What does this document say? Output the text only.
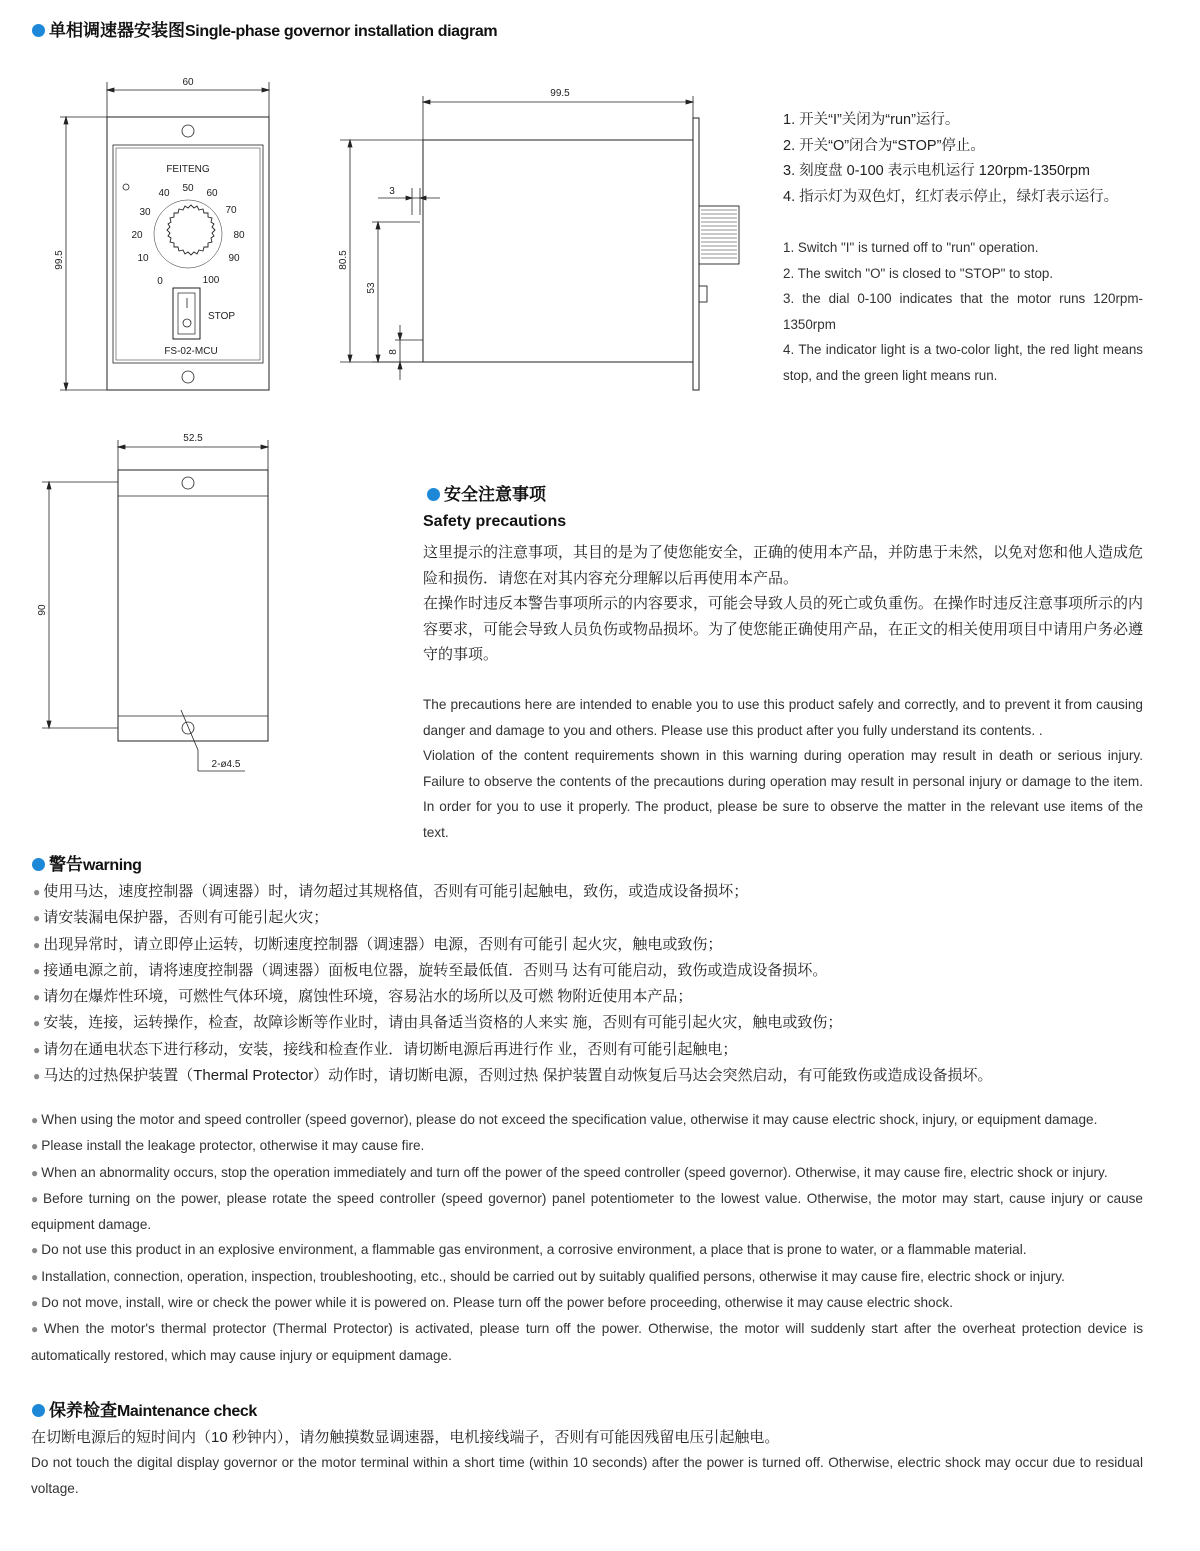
单相调速器安装图Single-phase governor installation diagram
FEITENG
0
10
20
30
40 50 60
70
80
90
100
STOP
FS-02-MCU
60
99.5
99.5
80.5
3
53
8
52.5
90
2-ø4.5
1. 开关“I”关闭为“run”运行。
2. 开关“O”闭合为“STOP”停止。
3. 刻度盘 0-100 表示电机运行 120rpm-1350rpm
4. 指示灯为双色灯，红灯表示停止，绿灯表示运行。

1. Switch "I" is turned off to "run" operation.

2. The switch "O" is closed to "STOP" to stop.

3. the dial 0-100 indicates that the motor runs 120rpm-1350rpm

4. The indicator light is a two-color light, the red light means stop, and the green light means run.

安全注意事项
Safety precautions

这里提示的注意事项，其目的是为了使您能安全，正确的使用本产品，并防患于未然，以免对您和他人造成危险和损伤．请您在对其内容充分理解以后再使用本产品。

在操作时违反本警告事项所示的内容要求，可能会导致人员的死亡或负重伤。在操作时违反注意事项所示的内容要求，可能会导致人员负伤或物品损坏。为了使您能正确使用产品，在正文的相关使用项目中请用户务必遵 守的事项。

The precautions here are intended to enable you to use this product safely and correctly, and to prevent it from causing danger and damage to you and others. Please use this product after you fully understand its contents. .

Violation of the content requirements shown in this warning during operation may result in death or serious injury. Failure to observe the contents of the precautions during operation may result in personal injury or damage to the item. In order for you to use it properly. The product, please be sure to observe the matter in the relevant use items of the text.

警告warning
● 使用马达，速度控制器（调速器）时，请勿超过其规格值，否则有可能引起触电，致伤，或造成设备损坏；
● 请安装漏电保护器，否则有可能引起火灾；
● 出现异常时，请立即停止运转，切断速度控制器（调速器）电源，否则有可能引 起火灾，触电或致伤；
● 接通电源之前，请将速度控制器（调速器）面板电位器，旋转至最低值．否则马 达有可能启动，致伤或造成设备损坏。
● 请勿在爆炸性环境，可燃性气体环境，腐蚀性环境，容易沾水的场所以及可燃 物附近使用本产品；
● 安装，连接，运转操作，检查，故障诊断等作业时，请由具备适当资格的人来实 施，否则有可能引起火灾，触电或致伤；
● 请勿在通电状态下进行移动，安装，接线和检查作业．请切断电源后再进行作 业，否则有可能引起触电；
● 马达的过热保护装置（Thermal Protector）动作时，请切断电源，否则过热 保护装置自动恢复后马达会突然启动，有可能致伤或造成设备损坏。
● When using the motor and speed controller (speed governor), please do not exceed the specification value, otherwise it may cause electric shock, injury, or equipment damage.
● Please install the leakage protector, otherwise it may cause fire.
● When an abnormality occurs, stop the operation immediately and turn off the power of the speed controller (speed governor). Otherwise, it may cause fire, electric shock or injury.
● Before turning on the power, please rotate the speed controller (speed governor) panel potentiometer to the lowest value. Otherwise, the motor may start, cause injury or cause equipment damage.
● Do not use this product in an explosive environment, a flammable gas environment, a corrosive environment, a place that is prone to water, or a flammable material.
● Installation, connection, operation, inspection, troubleshooting, etc., should be carried out by suitably qualified persons, otherwise it may cause fire, electric shock or injury.
● Do not move, install, wire or check the power while it is powered on. Please turn off the power before proceeding, otherwise it may cause electric shock.
● When the motor's thermal protector (Thermal Protector) is activated, please turn off the power. Otherwise, the motor will suddenly start after the overheat protection device is automatically restored, which may cause injury or equipment damage.
保养检查Maintenance check
在切断电源后的短时间内（10 秒钟内），请勿触摸数显调速器，电机接线端子，否则有可能因残留电压引起触电。
Do not touch the digital display governor or the motor terminal within a short time (within 10 seconds) after the power is turned off. Otherwise, electric shock may occur due to residual voltage.
